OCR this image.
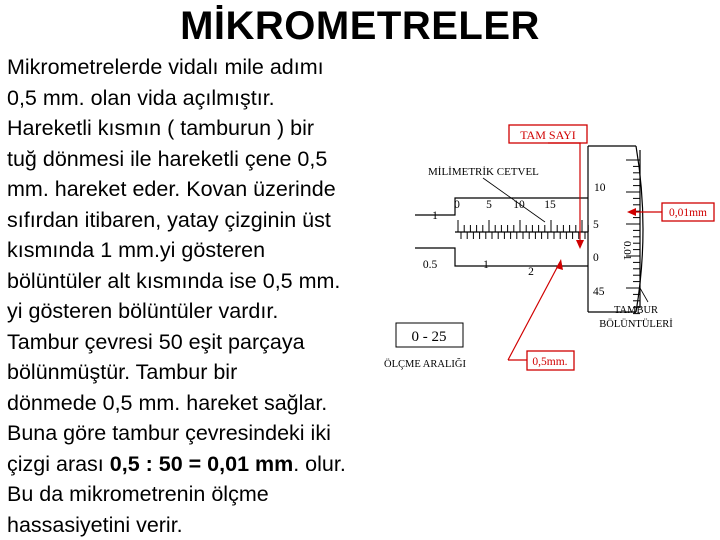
MİKROMETRELER
Mikrometrelerde vidalı mile adımı
0,5 mm. olan vida açılmıştır.
Hareketli kısmın ( tamburun ) bir
tuğ dönmesi ile hareketli çene 0,5
mm. hareket eder. Kovan üzerinde
sıfırdan itibaren, yatay çizginin üst
kısmında 1 mm.yi gösteren
bölüntüler alt kısmında ise 0,5 mm.
yi gösteren bölüntüler vardır.
Tambur çevresi 50 eşit parçaya
bölünmüştür. Tambur bir
dönmede 0,5 mm. hareket sağlar.
Buna göre tambur çevresindeki iki
çizgi arası 0,5 : 50 = 0,01 mm. olur.
Bu da mikrometrenin ölçme
hassasiyetini verir.
0 5 10 15
1
2
1
0.5
10
5
0
45
0.01
MİLİMETRİK CETVEL
TAM SAYI
0,01mm
TAMBUR
BÖLÜNTÜLERİ
0 - 25
ÖLÇME ARALIĞI	0,5mm.
